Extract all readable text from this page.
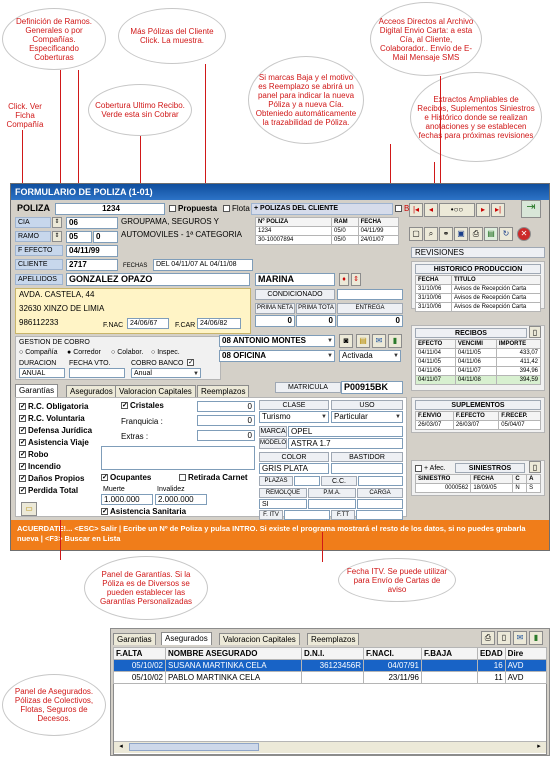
Definición de Ramos. Generales o por Compañías. Especificando Coberturas
Más Pólizas del Cliente Click. La muestra.
Acceos Directos al Archivo Digital Envio Carta: a esta Cía, al Cliente, Colaborador.. Envío de E-Mail Mensaje SMS
Click. Ver Ficha Compañía
Cobertura Ultimo Recibo. Verde esta sin Cobrar
Si marcas Baja y el motivo es Reemplazo se abrirá un panel para indicar la nueva Póliza y a nueva Cía. Obteniedo automáticamente la trazabilidad de Póliza.
Extractos Ampliables de Recibos, Suplementos Siniestros e Histórico donde se realizan anotaciones y se establecen fechas para próximas revisiones
FORMULARIO DE POLIZA (1-01)
POLIZA	1234	Propuesta	Flota + POLIZAS DEL CLIENTE	B |◂	◂	•○○	▸	▸|	⇥
▢	⌕	⚭ ▣	⎙	▤ ↻	✕
CIA	⇕	06	GROUPAMA, SEGUROS Y
AUTOMOVILES - 1ª CATEGORIA
RAMO	⇕	05	0
F EFECTO	04/11/99
CLIENTE	2717	FECHAS	DEL 04/11/07 AL 04/11/08
Nº POLIZA	RAM	FECHA
1234	05/0	04/11/99
30-10007894	05/0	24/01/07
APELLIDOS	GONZALEZ OPAZO	MARINA	♦	⇕
AVDA. CASTELA, 44
32630 XINZO DE LIMIA
986112233	F.NAC 24/06/67	F.CAR 24/06/82
CONDICIONADO
PRIMA NETA PRIMA TOTA	ENTREGA
0	0	0
GESTION DE COBRO
○ Compañía ● Corredor ○ Colabor. ○ Inspec.
DURACION FECHA VTO.	COBRO BANCO ✓
ANUAL	Anual ▼
08 ANTONIO MONTES ▼
08 OFICINA ▼	Activada ▼
◙	▤	✉	▮
REVISIONES
HISTORICO PRODUCCION
FECHA	TITULO
31/10/06	Avisos de Recepción Carta
31/10/06	Avisos de Recepción Carta
31/10/06	Avisos de Recepción Carta
RECIBOS	▯
EFECTO	VENCIMI	IMPORTE
04/11/04	04/11/05	433,07
04/11/05	04/11/06	411,42
04/11/06	04/11/07	394,96
04/11/07	04/11/08	394,59
SUPLEMENTOS
F.ENVIO	F.EFECTO	F.RECEP.
26/03/07	26/03/07	05/04/07
+ Afec.	SINIESTROS	▯
SINIESTRO	FECHA	C	A
0000562	18/09/05	N	S
Garantías	Asegurados Valoracion Capitales	Reemplazos	MATRICULA	P00915BK
✓ R.C. Obligatoria
✓ R.C. Voluntaria
✓ Defensa Jurídica
✓ Asistencia Viaje
✓ Robo
✓ Incendio
✓ Daños Propios
✓ Perdida Total
▭
✓ Cristales	0
Franquicia :	0
Extras :	0
✓ Ocupantes	Retirada Carnet
Muerte	Invalidez
1.000.000	2.000.000
✓ Asistencia Sanitaria
CLASE	USO
Turismo ▼	Particular ▼
MARCA OPEL
MODELO ASTRA 1.7
COLOR	BASTIDOR
GRIS PLATA
PLAZAS	C.C.
REMOLQUE	P.M.A.	CARGA
SI
F. ITV	F.TT
ACUERDATE!... <ESC> Salir | Ecribe un Nº de Poliza y pulsa INTRO. Si existe el programa mostrará el resto de los datos, si no puedes grabarla nueva | <F3> Buscar en Lista
Panel de Garantías. Si la Póliza es de Diversos se pueden establecer las Garantías Personalizadas
Fecha ITV. Se puede utilizar para Envío de Cartas de aviso
Panel de Asegurados. Pólizas de Colectivos, Flotas, Seguros de Decesos.
Garantias	Asegurados	Valoracion Capitales	Reemplazos	⎙	▯	✉	▮
F.ALTA	NOMBRE ASEGURADO	D.N.I.	F.NACI.	F.BAJA	EDAD	Dire
05/10/02	SUSANA MARTINKA CELA	36123456R	04/07/91		16	AVD
05/10/02	PABLO MARTINKA CELA		23/11/96		11	AVD
◂	▸
